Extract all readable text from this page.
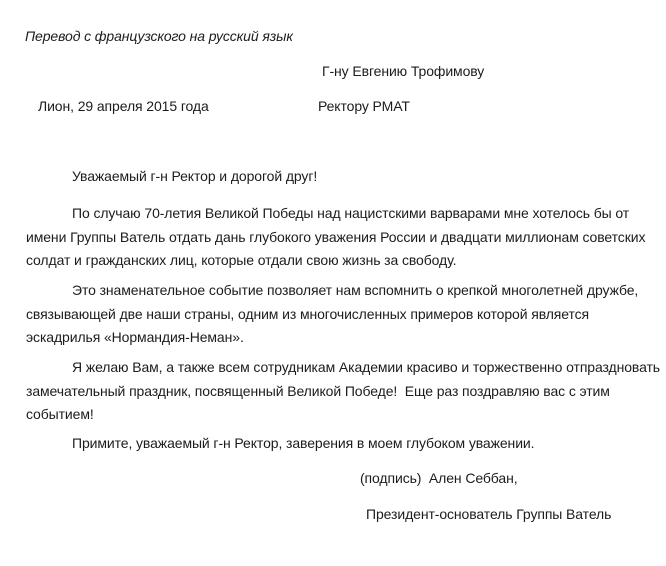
Перевод с французского на русский язык
Г-ну Евгению Трофимову
Лион, 29 апреля 2015 года	Ректору РМАТ
Уважаемый г-н Ректор и дорогой друг!
По случаю 70-летия Великой Победы над нацистскими варварами мне хотелось бы от
имени Группы Ватель отдать дань глубокого уважения России и двадцати миллионам советских
солдат и гражданских лиц, которые отдали свою жизнь за свободу.
Это знаменательное событие позволяет нам вспомнить о крепкой многолетней дружбе,
связывающей две наши страны, одним из многочисленных примеров которой является
эскадрилья «Нормандия-Неман».
Я желаю Вам, а также всем сотрудникам Академии красиво и торжественно отпраздновать
замечательный праздник, посвященный Великой Победе!  Еще раз поздравляю вас с этим
событием!
Примите, уважаемый г-н Ректор, заверения в моем глубоком уважении.
(подпись)  Ален Себбан,
Президент-основатель Группы Ватель
